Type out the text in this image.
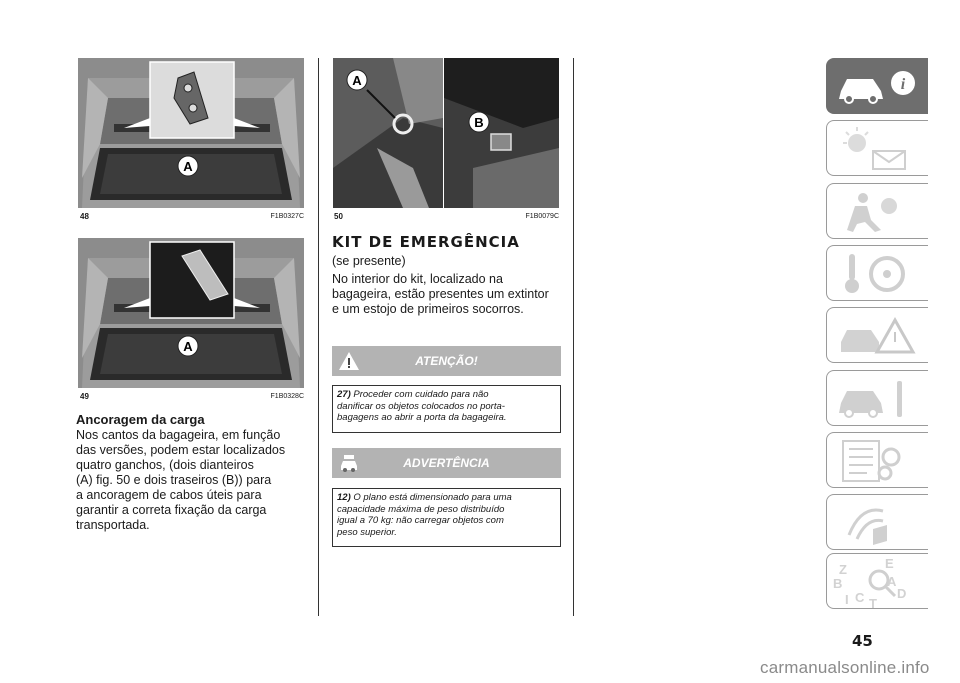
A
48	F1B0327C
A
49	F1B0328C
Ancoragem da carga
Nos cantos da bagageira, em função
das versões, podem estar localizados
quatro ganchos, (dois dianteiros
(A) fig. 50 e dois traseiros (B)) para
a ancoragem de cabos úteis para
garantir a correta fixação da carga
transportada.
A
B
50	F1B0079C
KIT DE EMERGÊNCIA
(se presente)
No interior do kit, localizado na
bagageira, estão presentes um extintor
e um estojo de primeiros socorros.
ATENÇÃO!
27) Proceder com cuidado para não
danificar os objetos colocados no porta-
bagagens ao abrir a porta da bagageira.
ADVERTÊNCIA
12) O plano está dimensionado para uma
capacidade máxima de peso distribuído
igual a 70 kg: não carregar objetos com
peso superior.
i
Z	E
B	A
D
I C T
45
carmanualsonline.info
